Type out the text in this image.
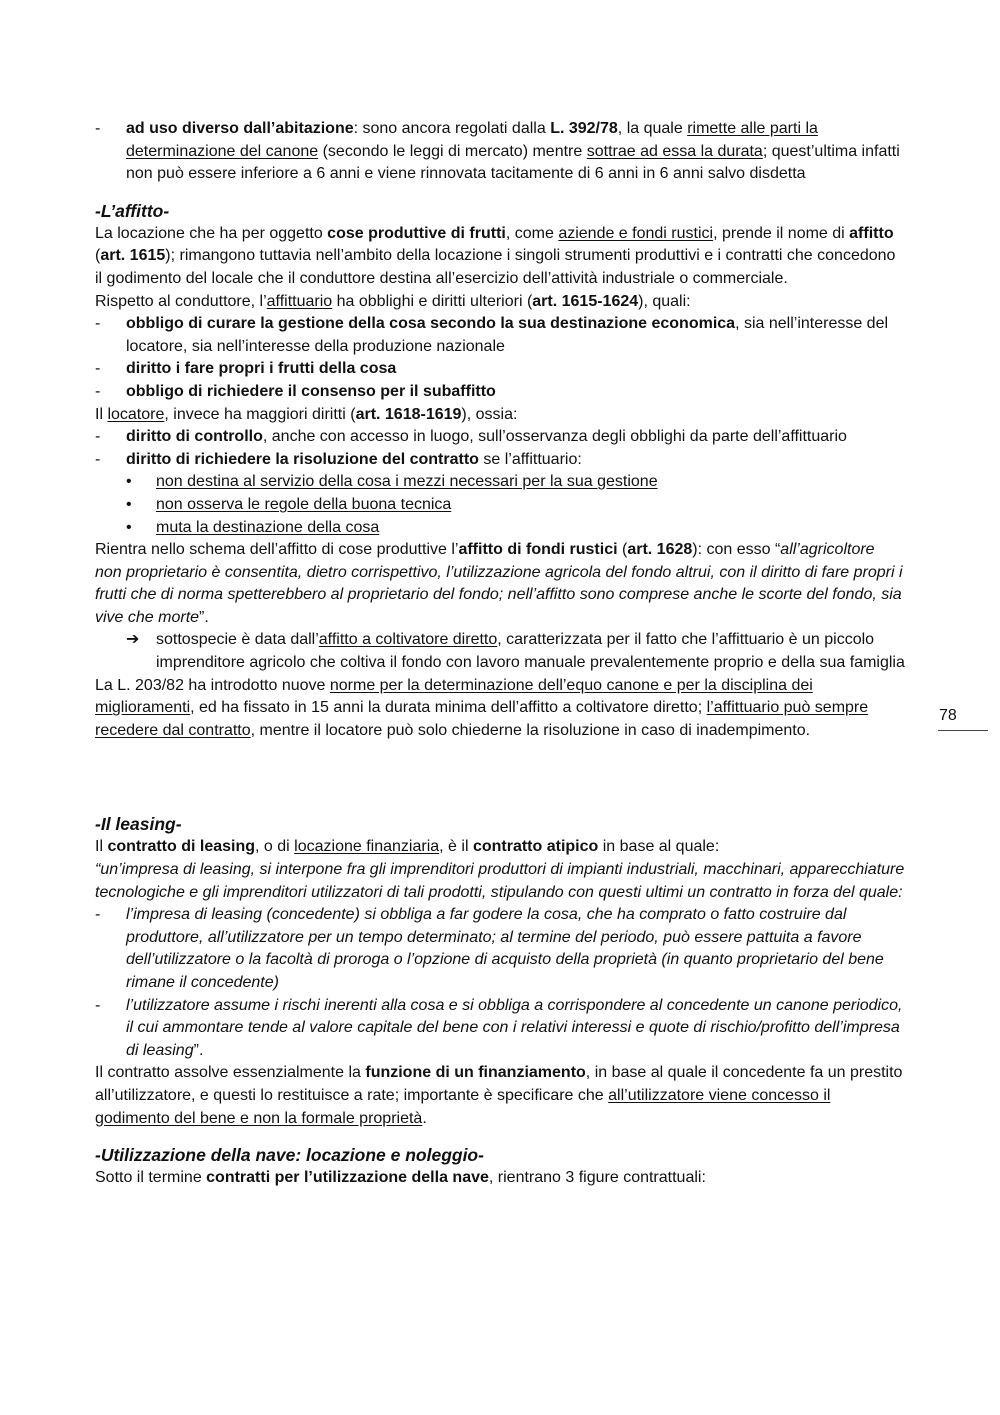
- ad uso diverso dall’abitazione: sono ancora regolati dalla L. 392/78, la quale rimette alle parti la determinazione del canone (secondo le leggi di mercato) mentre sottrae ad essa la durata; quest’ultima infatti non può essere inferiore a 6 anni e viene rinnovata tacitamente di 6 anni in 6 anni salvo disdetta
-L’affitto-
La locazione che ha per oggetto cose produttive di frutti, come aziende e fondi rustici, prende il nome di affitto (art. 1615); rimangono tuttavia nell’ambito della locazione i singoli strumenti produttivi e i contratti che concedono il godimento del locale che il conduttore destina all’esercizio dell’attività industriale o commerciale.
Rispetto al conduttore, l’affittuario ha obblighi e diritti ulteriori (art. 1615-1624), quali:
- obbligo di curare la gestione della cosa secondo la sua destinazione economica, sia nell’interesse del locatore, sia nell’interesse della produzione nazionale
- diritto i fare propri i frutti della cosa
- obbligo di richiedere il consenso per il subaffitto
Il locatore, invece ha maggiori diritti (art. 1618-1619), ossia:
- diritto di controllo, anche con accesso in luogo, sull’osservanza degli obblighi da parte dell’affittuario
- diritto di richiedere la risoluzione del contratto se l’affittuario:
• non destina al servizio della cosa i mezzi necessari per la sua gestione
• non osserva le regole della buona tecnica
• muta la destinazione della cosa
Rientra nello schema dell’affitto di cose produttive l’affitto di fondi rustici (art. 1628): con esso “all’agricoltore non proprietario è consentita, dietro corrispettivo, l’utilizzazione agricola del fondo altrui, con il diritto di fare propri i frutti che di norma spetterebbero al proprietario del fondo; nell’affitto sono comprese anche le scorte del fondo, sia vive che morte”.
➔ sottospecie è data dall’affitto a coltivatore diretto, caratterizzata per il fatto che l’affittuario è un piccolo imprenditore agricolo che coltiva il fondo con lavoro manuale prevalentemente proprio e della sua famiglia
La L. 203/82 ha introdotto nuove norme per la determinazione dell’equo canone e per la disciplina dei miglioramenti, ed ha fissato in 15 anni la durata minima dell’affitto a coltivatore diretto; l’affittuario può sempre recedere dal contratto, mentre il locatore può solo chiederne la risoluzione in caso di inadempimento.
-Il leasing-
Il contratto di leasing, o di locazione finanziaria, è il contratto atipico in base al quale:
“un’impresa di leasing, si interpone fra gli imprenditori produttori di impianti industriali, macchinari, apparecchiature tecnologiche e gli imprenditori utilizzatori di tali prodotti, stipulando con questi ultimi un contratto in forza del quale:
- l’impresa di leasing (concedente) si obbliga a far godere la cosa, che ha comprato o fatto costruire dal produttore, all’utilizzatore per un tempo determinato; al termine del periodo, può essere pattuita a favore dell’utilizzatore o la facoltà di proroga o l’opzione di acquisto della proprietà (in quanto proprietario del bene rimane il concedente)
- l’utilizzatore assume i rischi inerenti alla cosa e si obbliga a corrispondere al concedente un canone periodico, il cui ammontare tende al valore capitale del bene con i relativi interessi e quote di rischio/profitto dell’impresa di leasing”.
Il contratto assolve essenzialmente la funzione di un finanziamento, in base al quale il concedente fa un prestito all’utilizzatore, e questi lo restituisce a rate; importante è specificare che all’utilizzatore viene concesso il godimento del bene e non la formale proprietà.
-Utilizzazione della nave: locazione e noleggio-
Sotto il termine contratti per l’utilizzazione della nave, rientrano 3 figure contrattuali:
78
